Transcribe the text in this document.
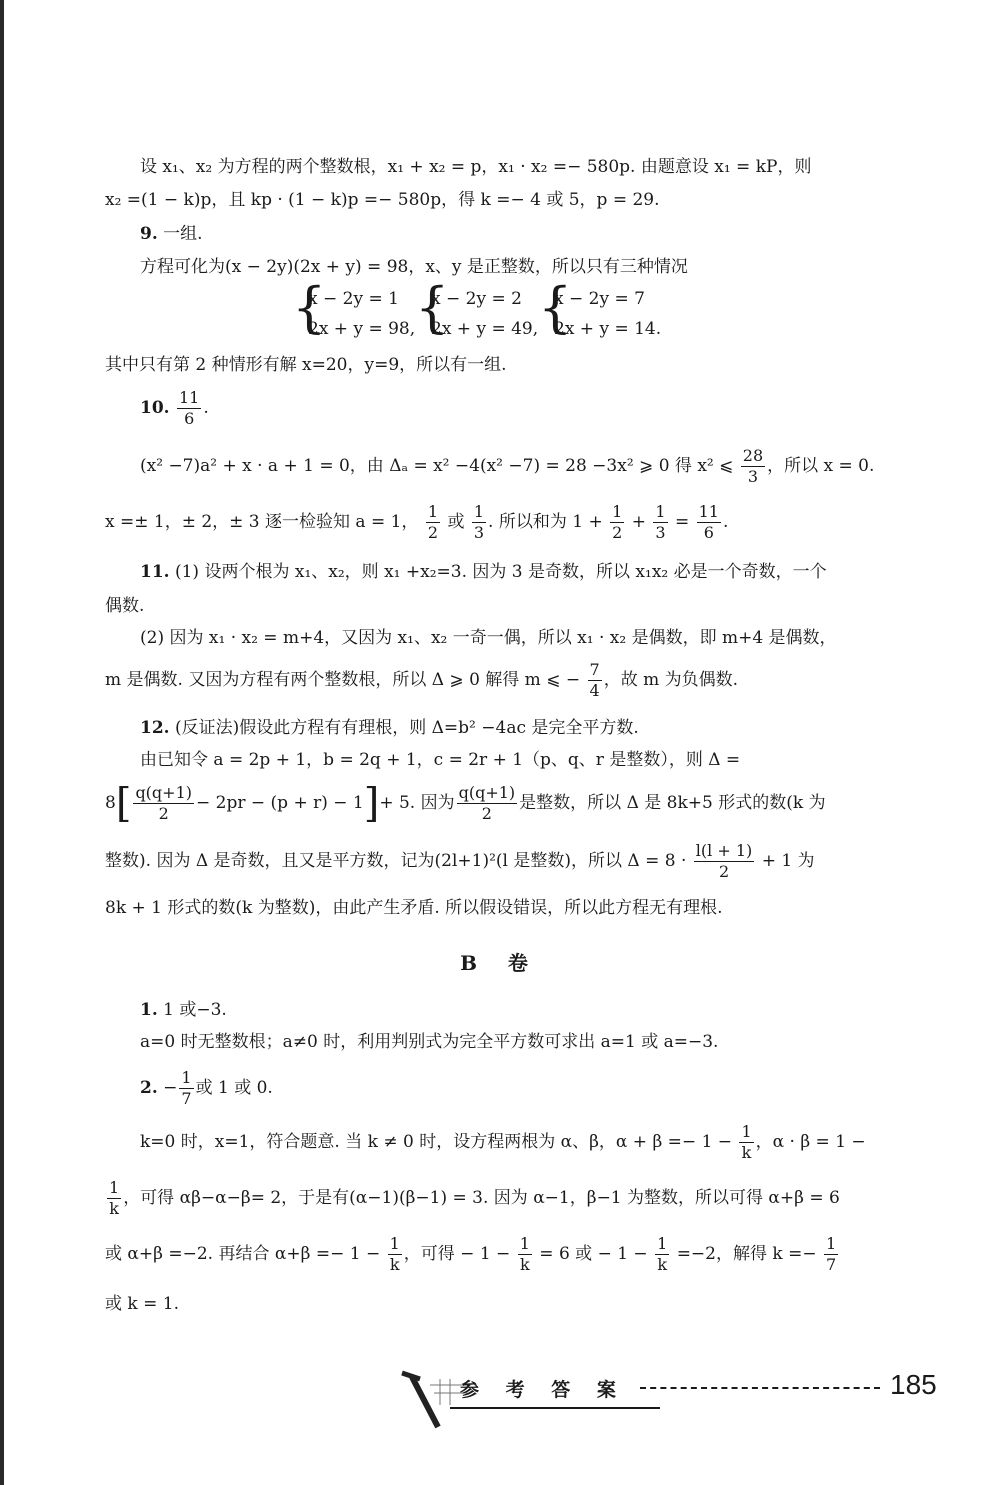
设 x₁、x₂ 为方程的两个整数根，x₁ + x₂ = p，x₁ · x₂ =− 580p. 由题意设 x₁ = kP，则
x₂ =(1 − k)p，且 kp · (1 − k)p =− 580p，得 k =− 4 或 5，p = 29.
9. 一组.
方程可化为(x − 2y)(2x + y) = 98，x、y 是正整数，所以只有三种情况
{
x − 2y = 1
2x + y = 98, {
x − 2y = 2
2x + y = 49, {
x − 2y = 7
2x + y = 14.
其中只有第 2 种情形有解 x=20，y=9，所以有一组.
10. $\frac{11}{6}$ .
(x² −7)a² + x · a + 1 = 0，由 Δₐ = x² −4(x² −7) = 28 −3x² ⩾ 0 得 x² ⩽ $\frac{28}{3}$ ，所以 x = 0.
x =± 1，± 2，± 3 逐一检验知 a = 1， $\frac{1}{2}$ 或 $\frac{1}{3}$ . 所以和为 $1 + \frac{1}{2} + \frac{1}{3} = \frac{11}{6}$ .
11. (1) 设两个根为 x₁、x₂，则 x₁ +x₂=3. 因为 3 是奇数，所以 x₁x₂ 必是一个奇数，一个
偶数.
(2) 因为 x₁ · x₂ = m+4，又因为 x₁、x₂ 一奇一偶，所以 x₁ · x₂ 是偶数，即 m+4 是偶数，
m 是偶数. 又因为方程有两个整数根，所以 Δ ⩾ 0 解得 m ⩽ − $\frac{7}{4}$ ，故 m 为负偶数.
12. (反证法)假设此方程有有理根，则 Δ=b² −4ac 是完全平方数.
由已知令 a = 2p + 1，b = 2q + 1，c = 2r + 1（p、q、r 是整数），则 Δ =
$8[ \frac{q(q+1)}{2} - 2pr - (p + r) - 1]+ 5$. 因为 $\frac{q(q+1)}{2}$ 是整数，所以 Δ 是 8k+5 形式的数(k 为
整数). 因为 Δ 是奇数，且又是平方数，记为(2l+1)²(l 是整数)，所以 $\Delta = 8 \cdot \frac{l(l + 1)}{2} + 1$ 为
8k + 1 形式的数(k 为整数)，由此产生矛盾. 所以假设错误，所以此方程无有理根.
B 卷
1. 1 或−3.
a=0 时无整数根；a≠0 时，利用判别式为完全平方数可求出 a=1 或 a=−3.
2. − $\frac{1}{7}$ 或 1 或 0.
k=0 时，x=1，符合题意. 当 k ≠ 0 时，设方程两根为 α、β，$\alpha + \beta =- 1 - \frac{1}{k}$ ，α · β = 1 −
$\frac{1}{k}$ ，可得 αβ−α−β= 2，于是有(α−1)(β−1) = 3. 因为 α−1，β−1 为整数，所以可得 α+β = 6
或 α+β =−2. 再结合 $\alpha+\beta =- 1 - \frac{1}{k}$ ，可得 − $1 - \frac{1}{k} = 6$ 或 − $1 - \frac{1}{k} =-2$，解得 $k =- \frac{1}{7}$
或 k = 1.
参 考 答 案	185
